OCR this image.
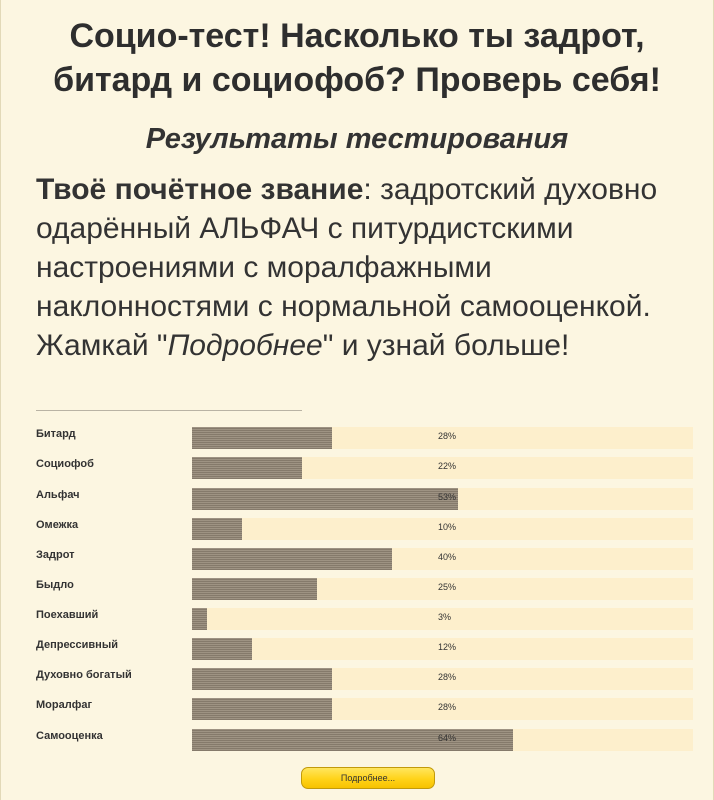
Социо-тест! Насколько ты задрот, битард и социофоб? Проверь себя!
Результаты тестирования

Твоё почётное звание: задротский духовно одарённый АЛЬФАЧ с питурдистскими настроениями с моралфажными наклонностями с нормальной самооценкой. Жамкай "Подробнее" и узнай больше!

Битард	28%
Социофоб	22%
Альфач	53%
Омежка	10%
Задрот	40%
Быдло	25%
Поехавший	3%
Депрессивный	12%
Духовно богатый	28%
Моралфаг	28%
Самооценка	64%
Подробнее...
